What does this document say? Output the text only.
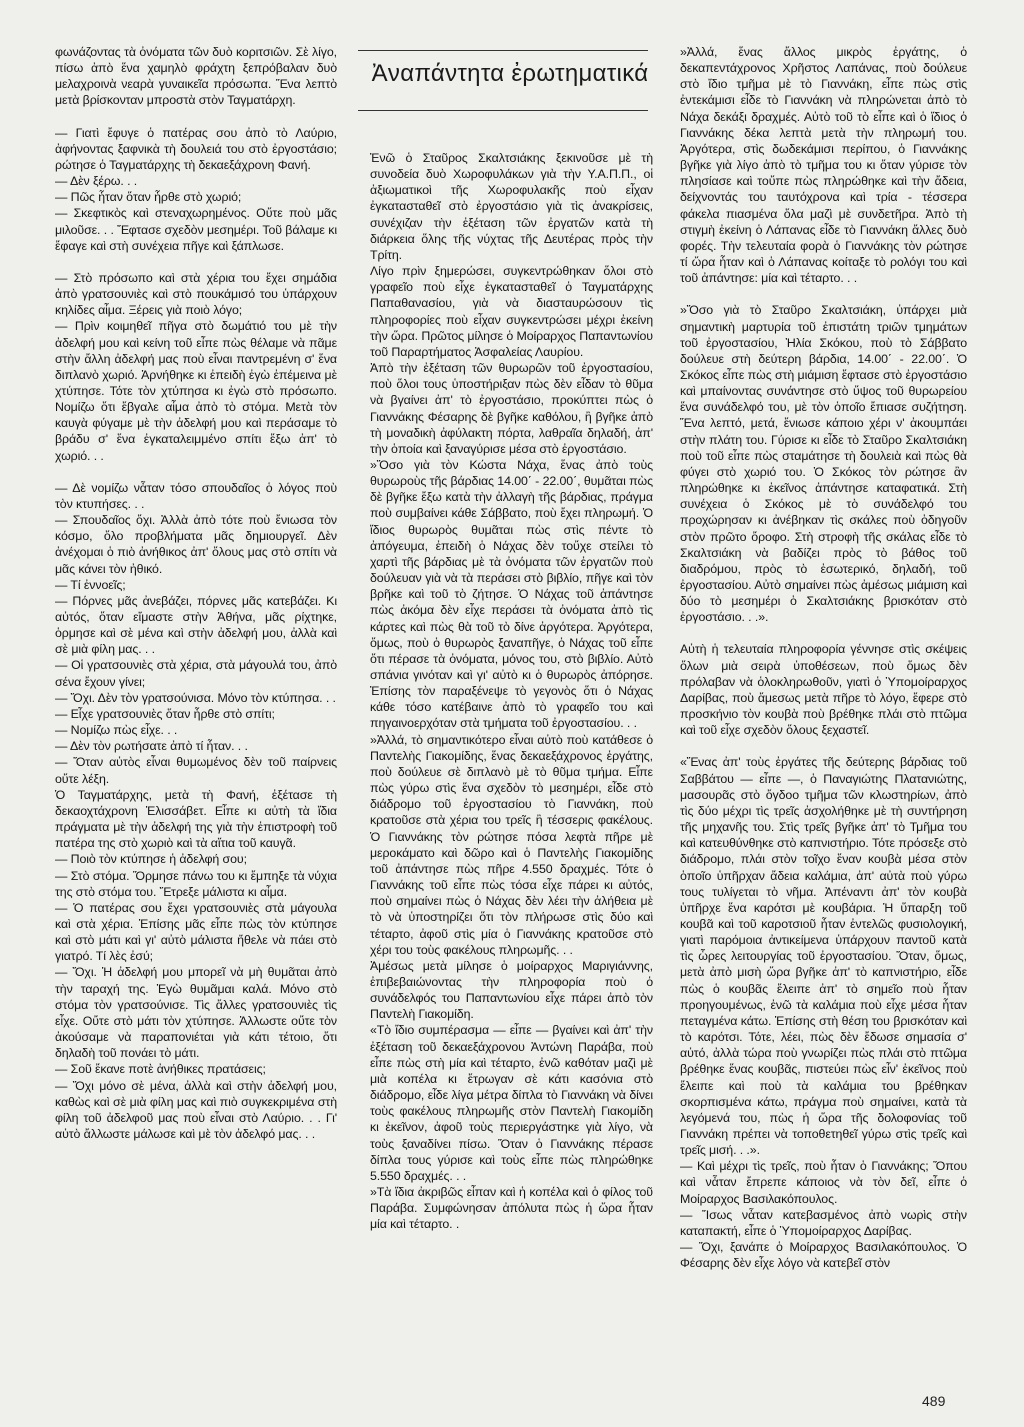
φωνάζοντας τὰ ὀνόματα τῶν δυὸ κοριτσιῶν. Σὲ λίγο, πίσω ἀπὸ ἕνα χαμηλὸ φράχτη ξεπρόβαλαν δυὸ μελαχροινὰ νεαρὰ γυναικεῖα πρόσωπα. Ἕνα λεπτὸ μετὰ βρίσκονταν μπροστὰ στὸν Ταγματάρχη.

— Γιατὶ ἔφυγε ὁ πατέρας σου ἀπὸ τὸ Λαύριο, ἀφήνοντας ξαφνικὰ τὴ δουλειά του στὸ ἐργοστάσιο; ρώτησε ὁ Ταγματάρχης τὴ δεκαεξάχρονη Φανή.

— Δὲν ξέρω. . .

— Πῶς ἦταν ὅταν ἦρθε στὸ χωριό;

— Σκεφτικὸς καὶ στεναχωρημένος. Οὔτε ποὺ μᾶς μιλοῦσε. . . Ἔφτασε σχεδὸν μεσημέρι. Τοῦ βάλαμε κι ἔφαγε καὶ στὴ συνέχεια πῆγε καὶ ξάπλωσε.

— Στὸ πρόσωπο καὶ στὰ χέρια του ἔχει σημάδια ἀπὸ γρατσουνιὲς καὶ στὸ πουκάμισό του ὑπάρχουν κηλίδες αἷμα. Ξέρεις γιὰ ποιὸ λόγο;

— Πρὶν κοιμηθεῖ πῆγα στὸ δωμάτιό του μὲ τὴν ἀδελφή μου καὶ κείνη τοῦ εἶπε πὼς θέλαμε νὰ πᾶμε στὴν ἄλλη ἀδελφή μας ποὺ εἶναι παντρεμένη σ' ἕνα διπλανὸ χωριό. Ἀρνήθηκε κι ἐπειδὴ ἐγὼ ἐπέμεινα μὲ χτύπησε. Τότε τὸν χτύπησα κι ἐγὼ στὸ πρόσωπο. Νομίζω ὅτι ἔβγαλε αἷμα ἀπὸ τὸ στόμα. Μετὰ τὸν καυγὰ φύγαμε μὲ τὴν ἀδελφή μου καὶ περάσαμε τὸ βράδυ σ' ἕνα ἐγκαταλειμμένο σπίτι ἔξω ἀπ' τὸ χωριό. . .

— Δὲ νομίζω νἆταν τόσο σπουδαῖος ὁ λόγος ποὺ τὸν κτυπήσες. . .

— Σπουδαῖος ὄχι. Ἀλλὰ ἀπὸ τότε ποὺ ἔνιωσα τὸν κόσμο, ὅλο προβλήματα μᾶς δημιουργεῖ. Δὲν ἀνέχομαι ὁ πιὸ ἀνήθικος ἀπ' ὅλους μας στὸ σπίτι νὰ μᾶς κάνει τὸν ἠθικό.

— Τί ἐννοεῖς;

— Πόρνες μᾶς ἀνεβάζει, πόρνες μᾶς κατεβάζει. Κι αὐτός, ὅταν εἴμαστε στὴν Ἀθήνα, μᾶς ρίχτηκε, ὁρμησε καὶ σὲ μένα καὶ στὴν ἀδελφή μου, ἀλλὰ καὶ σὲ μιὰ φίλη μας. . .

— Οἱ γρατσουνιὲς στὰ χέρια, στὰ μάγουλά του, ἀπὸ σένα ἔχουν γίνει;

— Ὄχι. Δὲν τὸν γρατσούνισα. Μόνο τὸν κτύπησα. . .

— Εἶχε γρατσουνιὲς ὅταν ἦρθε στὸ σπίτι;

— Νομίζω πὼς εἶχε. . .

— Δὲν τὸν ρωτήσατε ἀπὸ τί ἦταν. . .

— Ὅταν αὐτὸς εἶναι θυμωμένος δὲν τοῦ παίρνεις οὔτε λέξη.

Ὁ Ταγματάρχης, μετὰ τὴ Φανή, ἐξέτασε τὴ δεκαοχτάχρονη Ἐλισσάβετ. Εἶπε κι αὐτὴ τὰ ἴδια πράγματα μὲ τὴν ἀδελφή της γιὰ τὴν ἐπιστροφὴ τοῦ πατέρα της στὸ χωριὸ καὶ τὰ αἴτια τοῦ καυγᾶ.

— Ποιὸ τὸν κτύπησε ἡ ἀδελφή σου;

— Στὸ στόμα. Ὅρμησε πάνω του κι ἔμπηξε τὰ νύχια της στὸ στόμα του. Ἔτρεξε μάλιστα κι αἷμα.

— Ὁ πατέρας σου ἔχει γρατσουνιὲς στὰ μάγουλα καὶ στὰ χέρια. Ἐπίσης μᾶς εἶπε πὼς τὸν κτύπησε καὶ στὸ μάτι καὶ γι' αὐτὸ μάλιστα ἤθελε νὰ πάει στὸ γιατρό. Τί λὲς ἐσύ;

— Ὄχι. Ἡ ἀδελφή μου μπορεῖ νὰ μὴ θυμᾶται ἀπὸ τὴν ταραχή της. Ἐγὼ θυμᾶμαι καλά. Μόνο στὸ στόμα τὸν γρατσούνισε. Τὶς ἄλλες γρατσουνιὲς τὶς εἶχε. Οὔτε στὸ μάτι τὸν χτύπησε. Ἀλλωστε οὔτε τὸν ἀκούσαμε νὰ παραπονιέται γιὰ κάτι τέτοιο, ὅτι δηλαδὴ τοῦ πονάει τὸ μάτι.

— Σοῦ ἔκανε ποτὲ ἀνήθικες πρατάσεις;

— Ὄχι μόνο σὲ μένα, ἀλλὰ καὶ στὴν ἀδελφή μου, καθὼς καὶ σὲ μιὰ φίλη μας καὶ πιὸ συγκεκριμένα στὴ φίλη τοῦ ἀδελφοῦ μας ποὺ εἶναι στὸ Λαύριο. . . Γι' αὐτὸ ἄλλωστε μάλωσε καὶ μὲ τὸν ἀδελφό μας. . .

Ἀναπάντητα ἐρωτηματικά

Ἐνῶ ὁ Σταῦρος Σκαλτσιάκης ξεκινοῦσε μὲ τὴ συνοδεία δυὸ Χωροφυλάκων γιὰ τὴν Υ.Α.Π.Π., οἱ ἀξιωματικοὶ τῆς Χωροφυλακῆς ποὺ εἶχαν ἐγκατασταθεῖ στὸ ἐργοστάσιο γιὰ τὶς ἀνακρίσεις, συνέχιζαν τὴν ἐξέταση τῶν ἐργατῶν κατὰ τὴ διάρκεια ὅλης τῆς νύχτας τῆς Δευτέρας πρὸς τὴν Τρίτη.

Λίγο πρὶν ξημερώσει, συγκεντρώθηκαν ὅλοι στὸ γραφεῖο ποὺ εἶχε ἐγκατασταθεῖ ὁ Ταγματάρχης Παπαθανασίου, γιὰ νὰ διασταυρώσουν τὶς πληροφορίες ποὺ εἶχαν συγκεντρώσει μέχρι ἐκείνη τὴν ὥρα. Πρῶτος μίλησε ὁ Μοίραρχος Παπαντωνίου τοῦ Παραρτήματος Ἀσφαλείας Λαυρίου.

Ἀπὸ τὴν ἐξέταση τῶν θυρωρῶν τοῦ ἐργοστασίου, ποὺ ὅλοι τους ὑποστήριξαν πὼς δὲν εἶδαν τὸ θῦμα νὰ βγαίνει ἀπ' τὸ ἐργοστάσιο, προκύπτει πὼς ὁ Γιαννάκης Φέσαρης δὲ βγῆκε καθόλου, ἢ βγῆκε ἀπὸ τὴ μοναδικὴ ἀφύλακτη πόρτα, λαθραῖα δηλαδή, ἀπ' τὴν ὁποία καὶ ξαναγύρισε μέσα στὸ ἐργοστάσιο.

»Ὅσο γιὰ τὸν Κώστα Νάχα, ἕνας ἀπὸ τοὺς θυρωροὺς τῆς βάρδιας 14.00΄ - 22.00΄, θυμᾶται πὼς δὲ βγῆκε ἔξω κατὰ τὴν ἀλλαγὴ τῆς βάρδιας, πράγμα ποὺ συμβαίνει κάθε Σάββατο, ποὺ ἔχει πληρωμή. Ὁ ἴδιος θυρωρὸς θυμᾶται πὼς στὶς πέντε τὸ ἀπόγευμα, ἐπειδὴ ὁ Νάχας δὲν τοὔχε στείλει τὸ χαρτὶ τῆς βάρδιας μὲ τὰ ὀνόματα τῶν ἐργατῶν ποὺ δούλευαν γιὰ νὰ τὰ περάσει στὸ βιβλίο, πῆγε καὶ τὸν βρῆκε καὶ τοῦ τὸ ζήτησε. Ὁ Νάχας τοῦ ἀπάντησε πὼς ἀκόμα δὲν εἶχε περάσει τὰ ὀνόματα ἀπὸ τὶς κάρτες καὶ πὼς θὰ τοῦ τὸ δίνε ἀργότερα. Ἀργότερα, ὅμως, ποὺ ὁ θυρωρὸς ξαναπῆγε, ὁ Νάχας τοῦ εἶπε ὅτι πέρασε τὰ ὀνόματα, μόνος του, στὸ βιβλίο. Αὐτὸ σπάνια γινόταν καὶ γι' αὐτὸ κι ὁ θυρωρὸς ἀπόρησε. Ἐπίσης τὸν παραξένεψε τὸ γεγονὸς ὅτι ὁ Νάχας κάθε τόσο κατέβαινε ἀπὸ τὸ γραφεῖο του καὶ πηγαινοερχόταν στὰ τμήματα τοῦ ἐργοστασίου. . .

»Ἀλλά, τὸ σημαντικότερο εἶναι αὐτὸ ποὺ κατάθεσε ὁ Παντελὴς Γιακομίδης, ἕνας δεκαεξάχρονος ἐργάτης, ποὺ δούλευε σὲ διπλανὸ μὲ τὸ θῦμα τμήμα. Εἶπε πὼς γύρω στὶς ἕνα σχεδὸν τὸ μεσημέρι, εἶδε στὸ διάδρομο τοῦ ἐργοστασίου τὸ Γιαννάκη, ποὺ κρατοῦσε στὰ χέρια του τρεῖς ἢ τέσσερις φακέλους. Ὁ Γιαννάκης τὸν ρώτησε πόσα λεφτὰ πῆρε μὲ μεροκάματο καὶ δῶρο καὶ ὁ Παντελὴς Γιακομίδης τοῦ ἀπάντησε πὼς πῆρε 4.550 δραχμές. Τότε ὁ Γιαννάκης τοῦ εἶπε πὼς τόσα εἶχε πάρει κι αὐτός, ποὺ σημαίνει πὼς ὁ Νάχας δὲν λέει τὴν ἀλήθεια μὲ τὸ νὰ ὑποστηρίζει ὅτι τὸν πλήρωσε στὶς δύο καὶ τέταρτο, ἀφοῦ στὶς μία ὁ Γιαννάκης κρατοῦσε στὸ χέρι του τοὺς φακέλους πληρωμῆς. . .

Ἀμέσως μετὰ μίλησε ὁ μοίραρχος Μαριγιάννης, ἐπιβεβαιώνοντας τὴν πληροφορία ποὺ ὁ συνάδελφός του Παπαντωνίου εἶχε πάρει ἀπὸ τὸν Παντελὴ Γιακομίδη.

«Τὸ ἴδιο συμπέρασμα — εἶπε — βγαίνει καὶ ἀπ' τὴν ἐξέταση τοῦ δεκαεξάχρονου Ἀντώνη Παράβα, ποὺ εἶπε πὼς στὴ μία καὶ τέταρτο, ἐνῶ καθόταν μαζὶ μὲ μιὰ κοπέλα κι ἔτρωγαν σὲ κάτι κασόνια στὸ διάδρομο, εἶδε λίγα μέτρα δίπλα τὸ Γιαννάκη νὰ δίνει τοὺς φακέλους πληρωμῆς στὸν Παντελὴ Γιακομίδη κι ἐκεῖνον, ἀφοῦ τοὺς περιεργάστηκε γιὰ λίγο, νὰ τοὺς ξαναδίνει πίσω. Ὅταν ὁ Γιαννάκης πέρασε δίπλα τους γύρισε καὶ τοὺς εἶπε πὼς πληρώθηκε 5.550 δραχμές. . .

»Τὰ ἴδια ἀκριβῶς εἶπαν καὶ ἡ κοπέλα καὶ ὁ φίλος τοῦ Παράβα. Συμφώνησαν ἀπόλυτα πὼς ἡ ὥρα ἦταν μία καὶ τέταρτο. .

»Ἀλλά, ἕνας ἄλλος μικρὸς ἐργάτης, ὁ δεκαπεντάχρονος Χρῆστος Λαπάνας, ποὺ δούλευε στὸ ἴδιο τμῆμα μὲ τὸ Γιαννάκη, εἶπε πὼς στὶς ἐντεκάμισι εἶδε τὸ Γιαννάκη νὰ πληρώνεται ἀπὸ τὸ Νάχα δεκάξι δραχμές. Αὐτὸ τοῦ τὸ εἶπε καὶ ὁ ἴδιος ὁ Γιαννάκης δέκα λεπτὰ μετὰ τὴν πληρωμή του. Ἀργότερα, στὶς δωδεκάμισι περίπου, ὁ Γιαννάκης βγῆκε γιὰ λίγο ἀπὸ τὸ τμῆμα του κι ὅταν γύρισε τὸν πλησίασε καὶ τοὔπε πὼς πληρώθηκε καὶ τὴν ἄδεια, δείχνοντάς του ταυτόχρονα καὶ τρία - τέσσερα φάκελα πιασμένα ὅλα μαζὶ μὲ συνδετῆρα. Ἀπὸ τὴ στιγμὴ ἐκείνη ὁ Λάπανας εἶδε τὸ Γιαννάκη ἄλλες δυὸ φορές. Τὴν τελευταία φορὰ ὁ Γιαννάκης τὸν ρώτησε τί ὥρα ἦταν καὶ ὁ Λάπανας κοίταξε τὸ ρολόγι του καὶ τοῦ ἀπάντησε: μία καὶ τέταρτο. . .

»Ὅσο γιὰ τὸ Σταῦρο Σκαλτσιάκη, ὑπάρχει μιὰ σημαντικὴ μαρτυρία τοῦ ἐπιστάτη τριῶν τμημάτων τοῦ ἐργοστασίου, Ἠλία Σκόκου, ποὺ τὸ Σάββατο δούλευε στὴ δεύτερη βάρδια, 14.00΄ - 22.00΄. Ὁ Σκόκος εἶπε πὼς στὴ μιάμιση ἔφτασε στὸ ἐργοστάσιο καὶ μπαίνοντας συνάντησε στὸ ὕψος τοῦ θυρωρείου ἕνα συνάδελφό του, μὲ τὸν ὁποῖο ἔπιασε συζήτηση. Ἕνα λεπτό, μετά, ἔνιωσε κάποιο χέρι ν' ἀκουμπάει στὴν πλάτη του. Γύρισε κι εἶδε τὸ Σταῦρο Σκαλτσιάκη ποὺ τοῦ εἶπε πὼς σταμάτησε τὴ δουλειὰ καὶ πὼς θὰ φύγει στὸ χωριό του. Ὁ Σκόκος τὸν ρώτησε ἂν πληρώθηκε κι ἐκεῖνος ἀπάντησε καταφατικά. Στὴ συνέχεια ὁ Σκόκος μὲ τὸ συνάδελφό του προχώρησαν κι ἀνέβηκαν τὶς σκάλες ποὺ ὁδηγοῦν στὸν πρῶτο ὄροφο. Στὴ στροφὴ τῆς σκάλας εἶδε τὸ Σκαλτσιάκη νὰ βαδίζει πρὸς τὸ βάθος τοῦ διαδρόμου, πρὸς τὸ ἐσωτερικό, δηλαδή, τοῦ ἐργοστασίου. Αὐτὸ σημαίνει πὼς ἀμέσως μιάμιση καὶ δύο τὸ μεσημέρι ὁ Σκαλτσιάκης βρισκόταν στὸ ἐργοστάσιο. . .».

Αὐτὴ ἡ τελευταία πληροφορία γέννησε στὶς σκέψεις ὅλων μιὰ σειρὰ ὑποθέσεων, ποὺ ὅμως δὲν πρόλαβαν νὰ ὁλοκληρωθοῦν, γιατὶ ὁ Ὑπομοίραρχος Δαρίβας, ποὺ ἄμεσως μετὰ πῆρε τὸ λόγο, ἔφερε στὸ προσκήνιο τὸν κουβὰ ποὺ βρέθηκε πλάι στὸ πτῶμα καὶ τοῦ εἶχε σχεδὸν ὅλους ξεχαστεῖ.

«Ἕνας ἀπ' τοὺς ἐργάτες τῆς δεύτερης βάρδιας τοῦ Σαββάτου — εἶπε —, ὁ Παναγιώτης Πλατανιώτης, μασουρᾶς στὸ ὄγδοο τμῆμα τῶν κλωστηρίων, ἀπὸ τὶς δύο μέχρι τὶς τρεῖς ἀσχολήθηκε μὲ τὴ συντήρηση τῆς μηχανῆς του. Στὶς τρεῖς βγῆκε ἀπ' τὸ Τμῆμα του καὶ κατευθύνθηκε στὸ καπνιστήριο. Τότε πρόσεξε στὸ διάδρομο, πλάι στὸν τοῖχο ἕναν κουβὰ μέσα στὸν ὁποῖο ὑπῆρχαν ἄδεια καλάμια, ἀπ' αὐτὰ ποὺ γύρω τους τυλίγεται τὸ νῆμα. Ἀπέναντι ἀπ' τὸν κουβὰ ὑπῆρχε ἕνα καρότσι μὲ κουβάρια. Ἡ ὕπαρξη τοῦ κουβᾶ καὶ τοῦ καροτσιοῦ ἦταν ἐντελῶς φυσιολογική, γιατὶ παρόμοια ἀντικείμενα ὑπάρχουν παντοῦ κατὰ τὶς ὧρες λειτουργίας τοῦ ἐργοστασίου. Ὅταν, ὅμως, μετὰ ἀπὸ μισὴ ὥρα βγῆκε ἀπ' τὸ καπνιστήριο, εἶδε πὼς ὁ κουβᾶς ἔλειπε ἀπ' τὸ σημεῖο ποὺ ἦταν προηγουμένως, ἐνῶ τὰ καλάμια ποὺ εἶχε μέσα ἦταν πεταγμένα κάτω. Ἐπίσης στὴ θέση του βρισκόταν καὶ τὸ καρότσι. Τότε, λέει, πὼς δὲν ἔδωσε σημασία σ' αὐτό, ἀλλὰ τώρα ποὺ γνωρίζει πὼς πλάι στὸ πτῶμα βρέθηκε ἕνας κουβᾶς, πιστεύει πὼς εἶν' ἐκεῖνος ποὺ ἔλειπε καὶ ποὺ τὰ καλάμια του βρέθηκαν σκορπισμένα κάτω, πράγμα ποὺ σημαίνει, κατὰ τὰ λεγόμενά του, πὼς ἡ ὥρα τῆς δολοφονίας τοῦ Γιαννάκη πρέπει νὰ τοποθετηθεῖ γύρω στὶς τρεῖς καὶ τρεῖς μισή. . .».

— Καὶ μέχρι τὶς τρεῖς, ποὺ ἦταν ὁ Γιαννάκης; Ὅπου καὶ νἆταν ἔπρεπε κάποιος νὰ τὸν δεῖ, εἶπε ὁ Μοίραρχος Βασιλακόπουλος.

— Ἴσως νἆταν κατεβασμένος ἀπὸ νωρὶς στὴν καταπακτή, εἶπε ὁ Ὑπομοίραρχος Δαρίβας.

— Ὄχι, ξανάπε ὁ Μοίραρχος Βασιλακόπουλος. Ὁ Φέσαρης δὲν εἶχε λόγο νὰ κατεβεῖ στὸν

489
